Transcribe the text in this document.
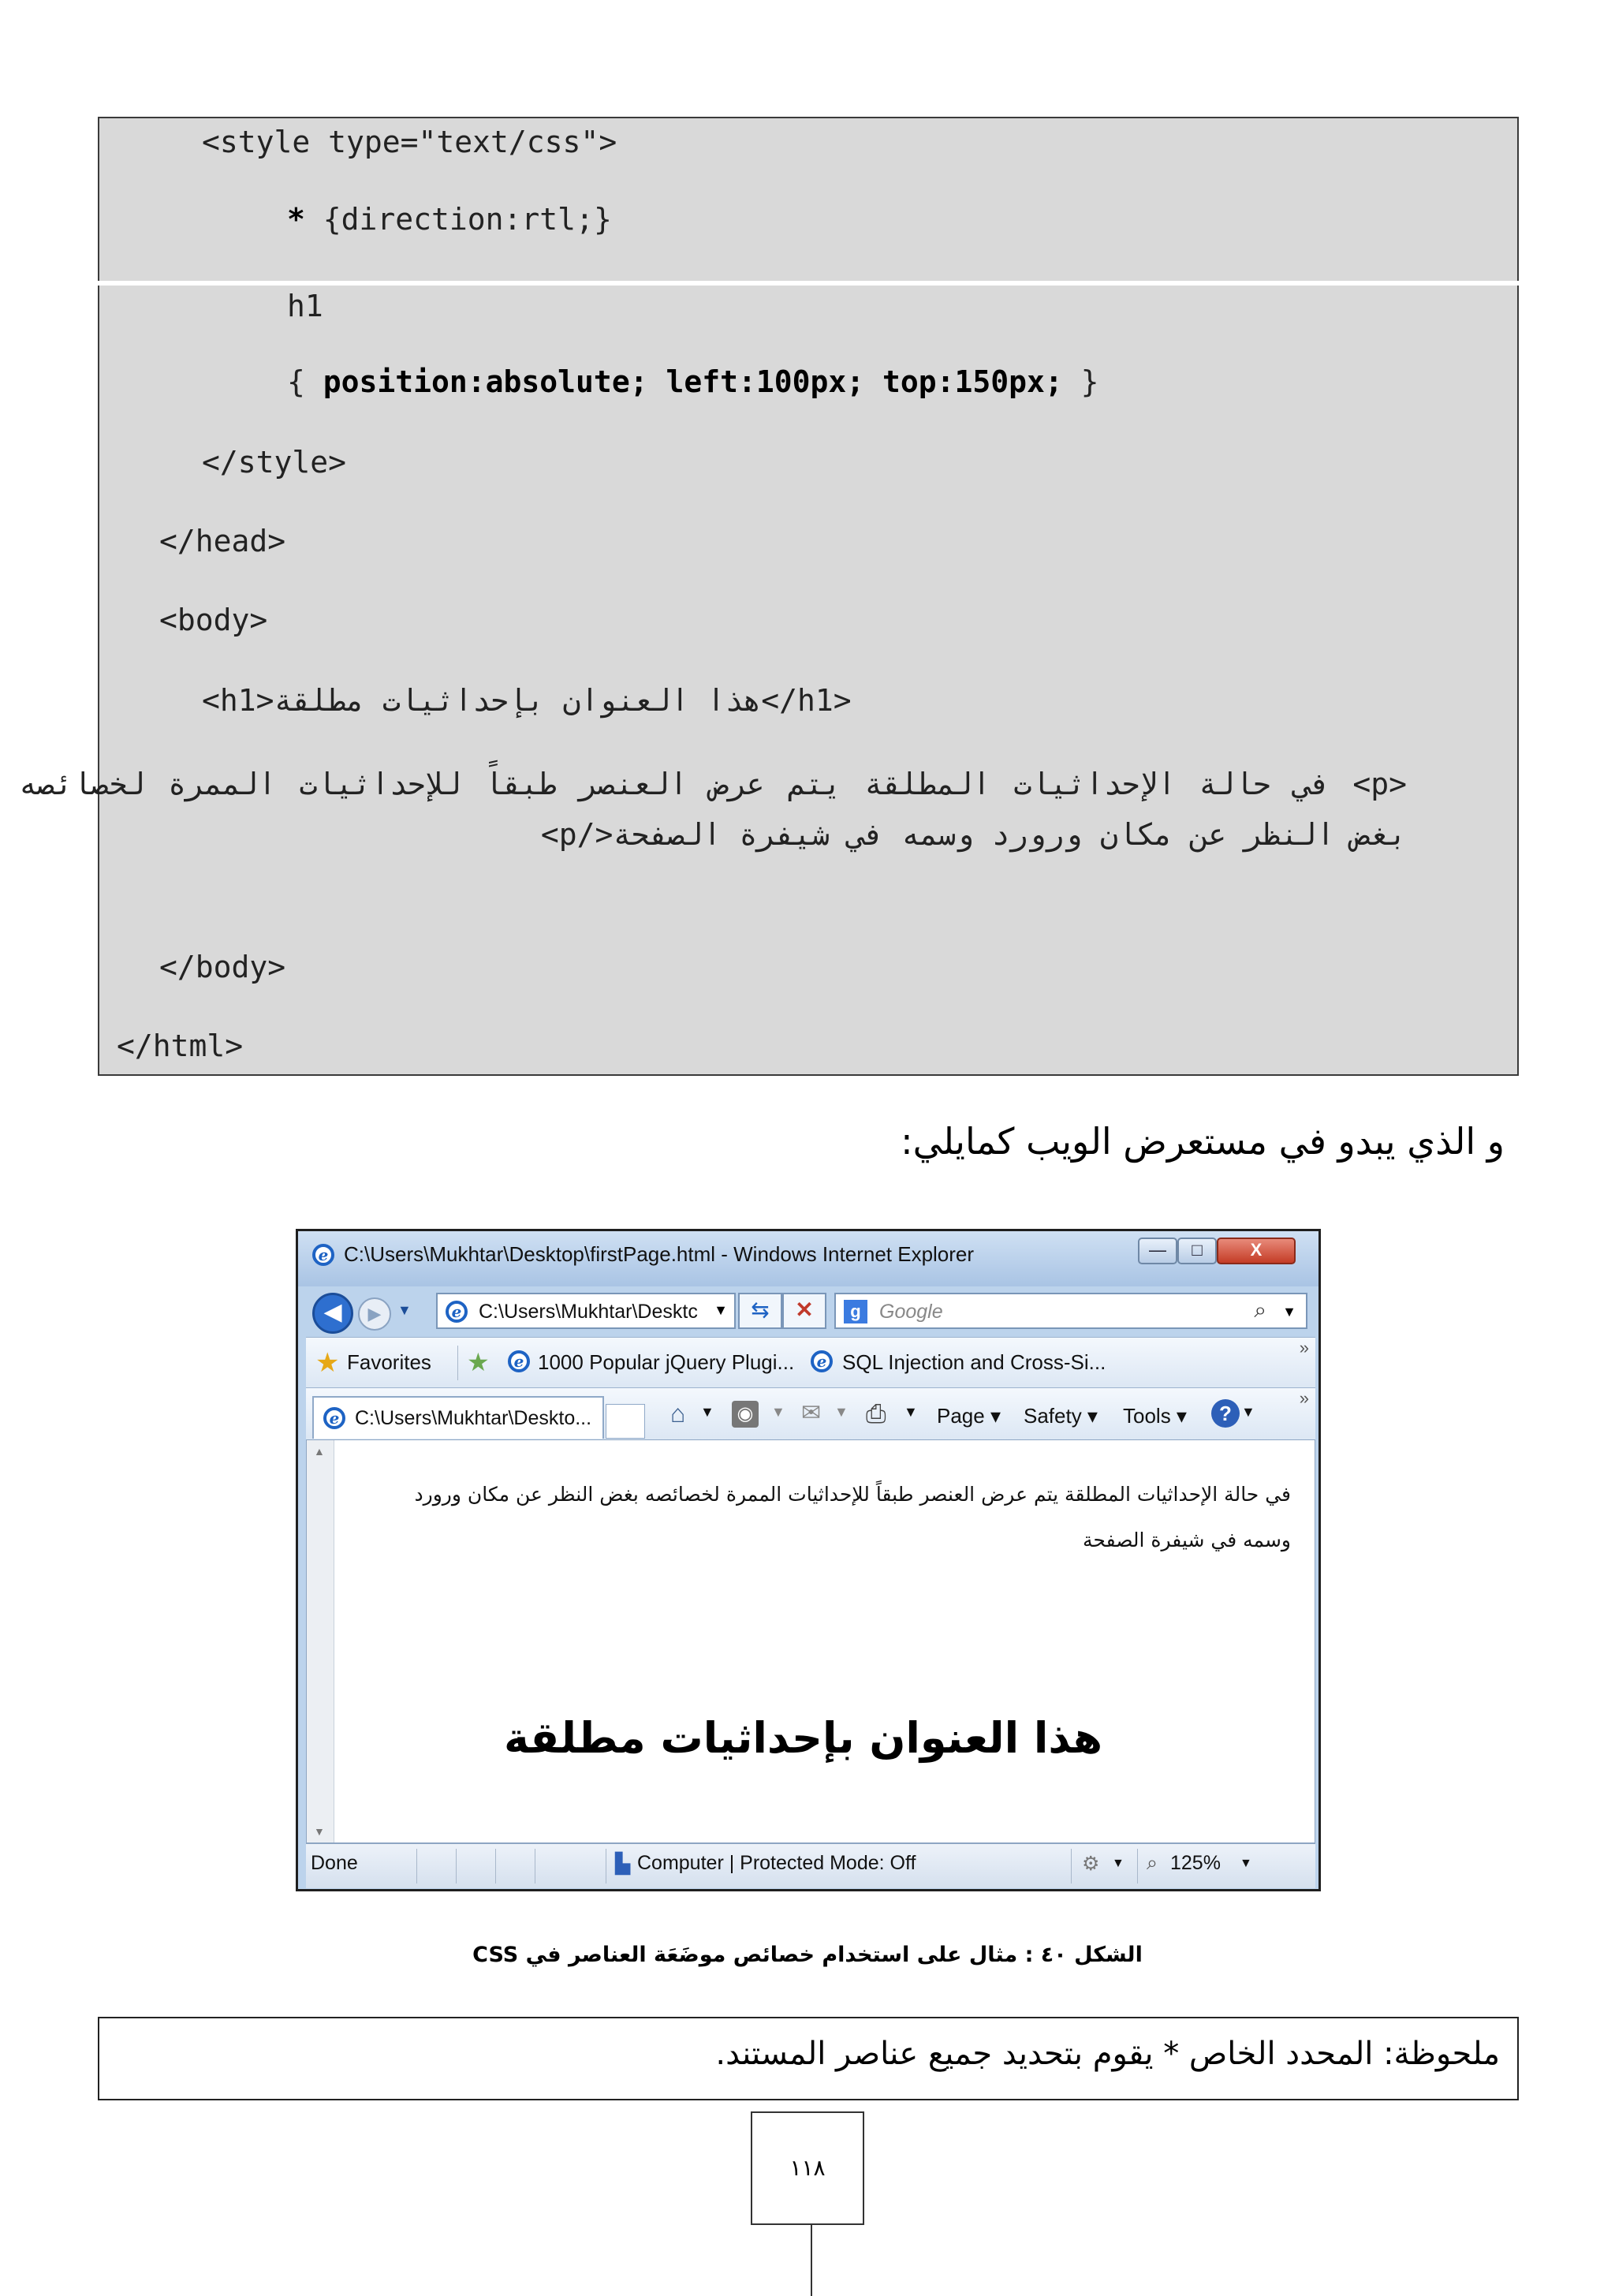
<style type="text/css">
* {direction:rtl;}
h1
{ position:absolute; left:100px; top:150px; }
</style>
</head>
<body>
<h1>هذا العنوان بإحداثيات مطلقة</h1>
<p> في حالة الإحداثيات المطلقة يتم عرض العنصر طبقاً للإحداثيات الممرة لخصائصه بغض النظر عن مكان ورورد وسمه في شيفرة الصفحة</p>
</body>
</html>
و الذي يبدو في مستعرض الويب كمايلي:
e C:\Users\Mukhtar\Desktop\firstPage.html - Windows Internet Explorer	—	□	X
◀	▶	▼	e C:\Users\Mukhtar\Desktc	▼	⇆	✕	g Google	⌕ ▼
★ Favorites ★	e 1000 Popular jQuery Plugi...	e SQL Injection and Cross-Si...
»
e C:\Users\Mukhtar\Deskto...	⌂ ▼ ◉	▼ ✉ ▼ ⎙ ▼ Page ▾ Safety ▾ Tools ▾	? ▼
»
▲
▼
في حالة الإحداثيات المطلقة يتم عرض العنصر طبقاً للإحداثيات الممرة لخصائصه بغض النظر عن مكان ورورد وسمه في شيفرة الصفحة
هذا العنوان بإحداثيات مطلقة
Done	▙ Computer | Protected Mode: Off	⚙ ▼ ⌕ 125% ▼
الشكل ٤٠ : مثال على استخدام خصائص موضَعَة العناصر في CSS
ملحوظة: المحدد الخاص * يقوم بتحديد جميع عناصر المستند.
١١٨
